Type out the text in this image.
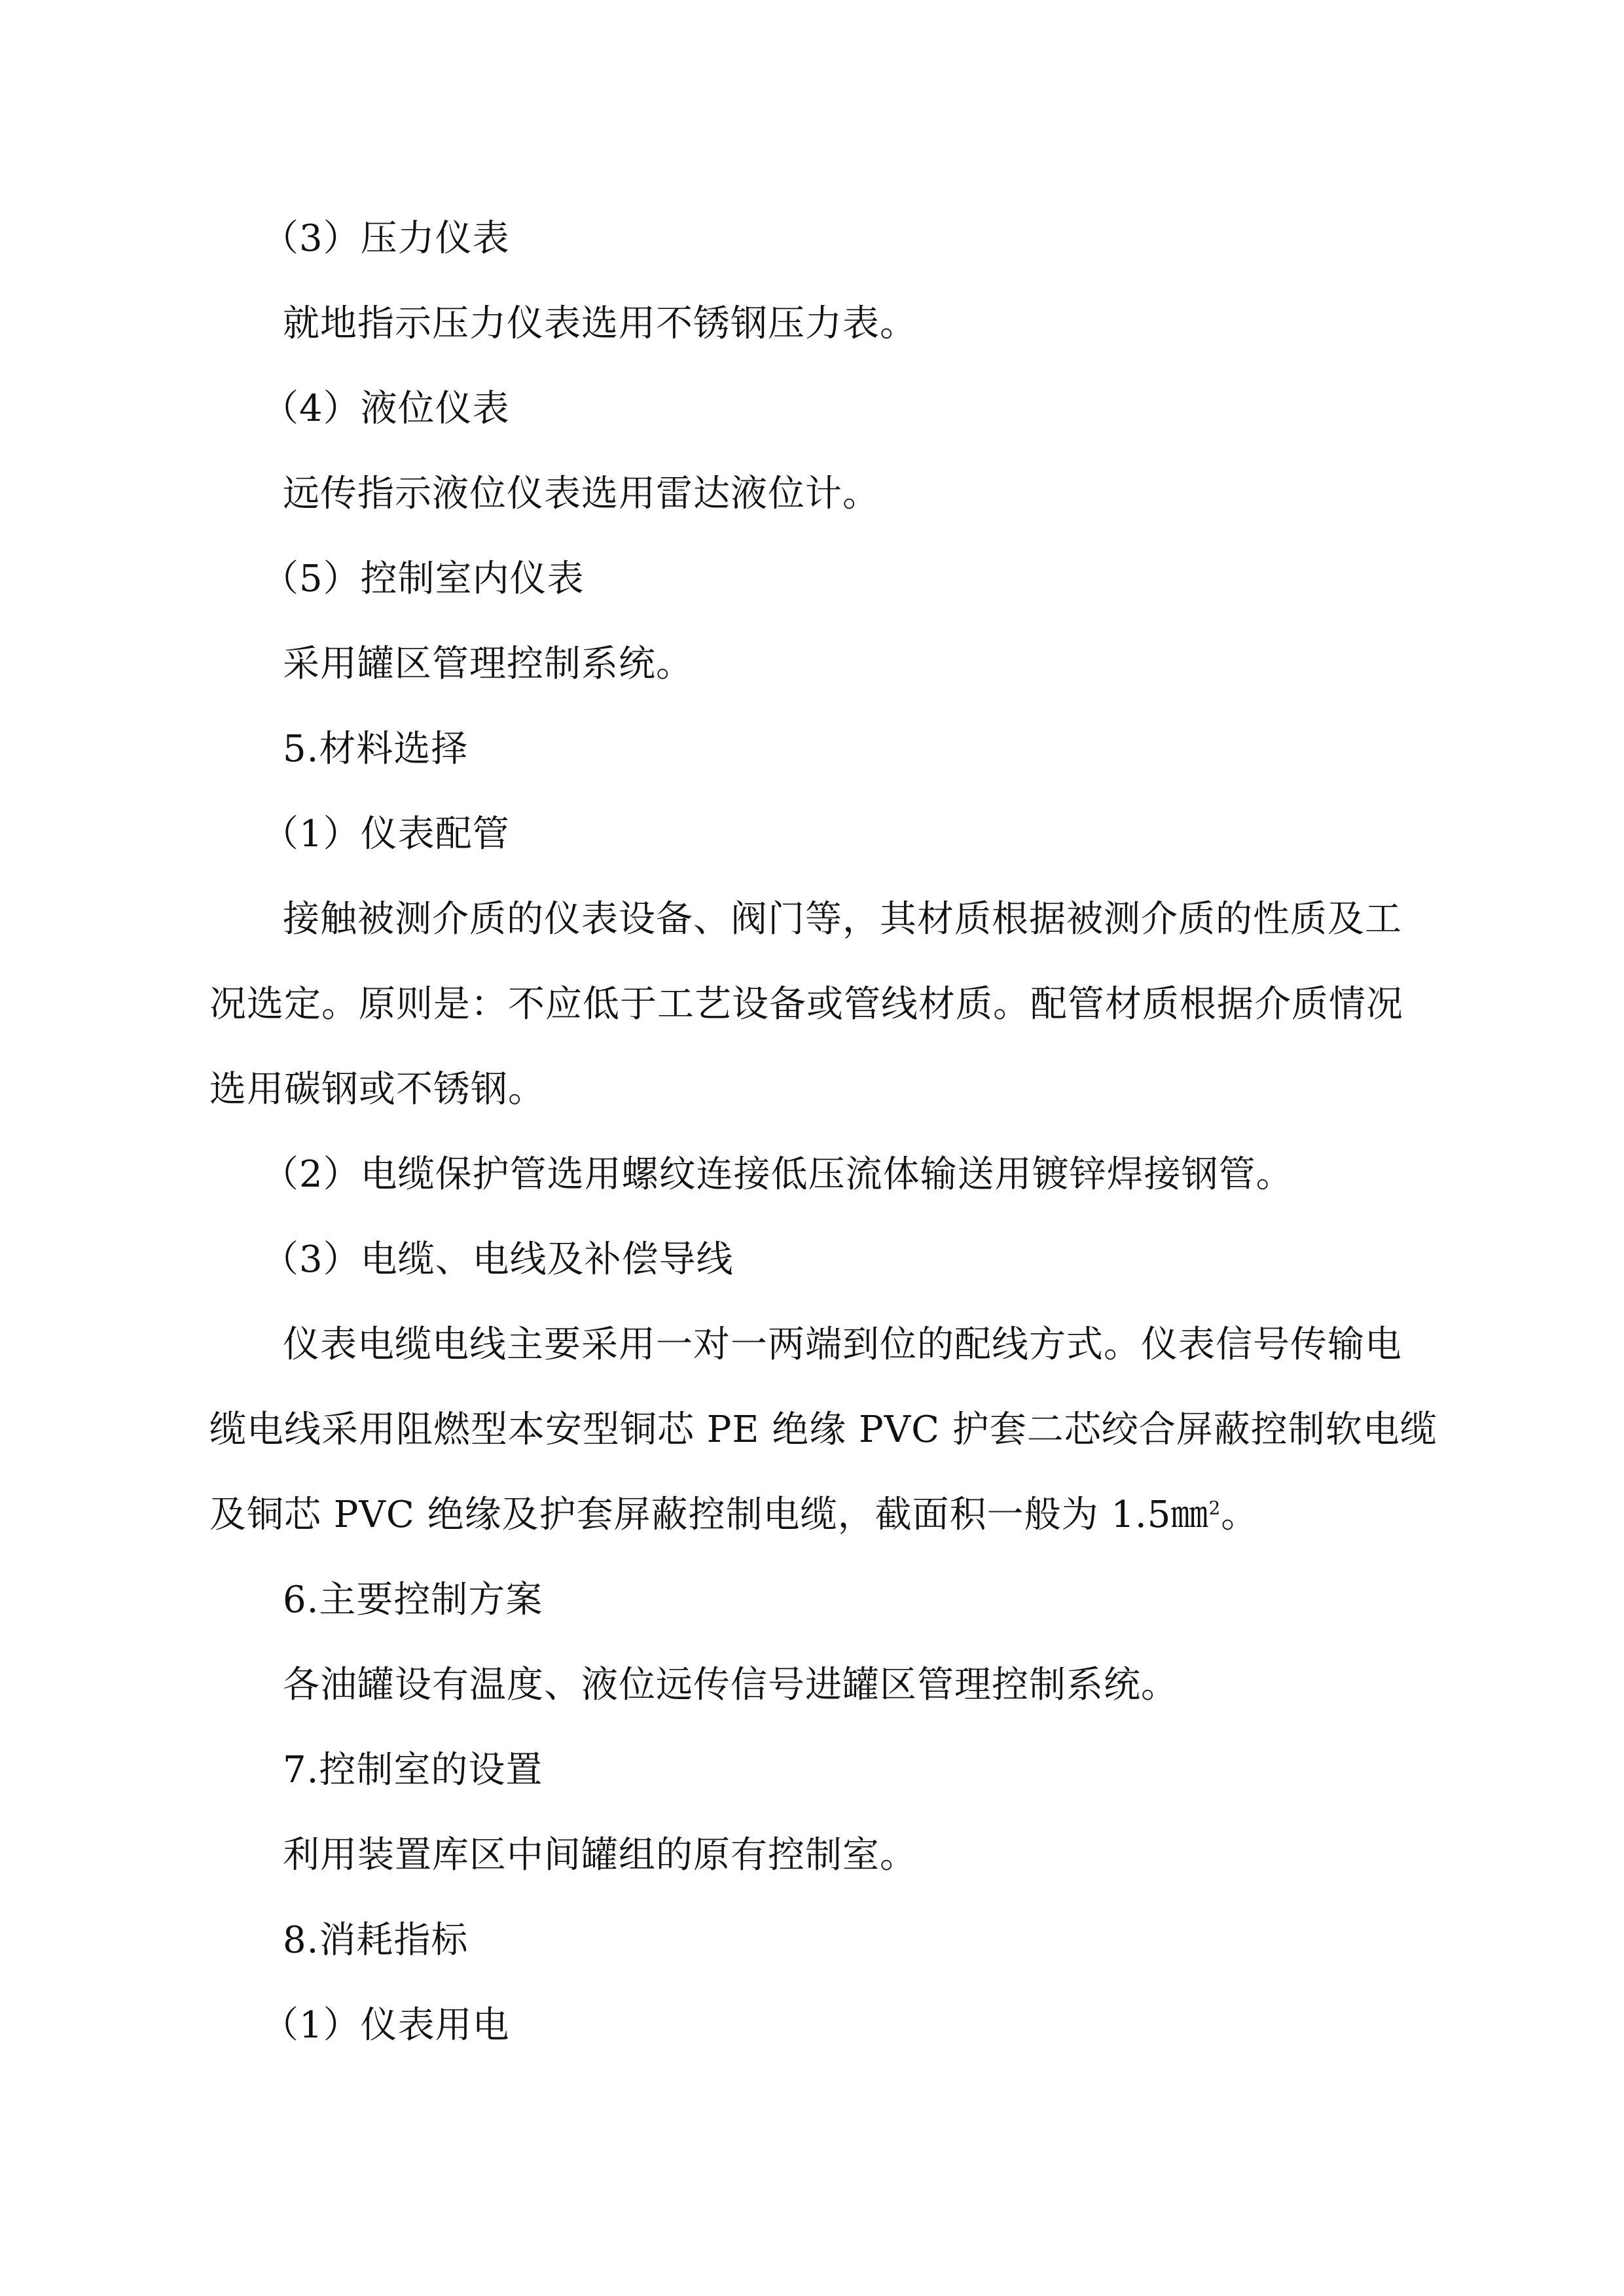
（3）压力仪表
就地指示压力仪表选用不锈钢压力表。
（4）液位仪表
远传指示液位仪表选用雷达液位计。
（5）控制室内仪表
采用罐区管理控制系统。
5.材料选择
（1）仪表配管
接触被测介质的仪表设备、阀门等，其材质根据被测介质的性质及工
况选定。原则是：不应低于工艺设备或管线材质。配管材质根据介质情况
选用碳钢或不锈钢。
（2）电缆保护管选用螺纹连接低压流体输送用镀锌焊接钢管。
（3）电缆、电线及补偿导线
仪表电缆电线主要采用一对一两端到位的配线方式。仪表信号传输电
缆电线采用阻燃型本安型铜芯 PE 绝缘 PVC 护套二芯绞合屏蔽控制软电缆
及铜芯 PVC 绝缘及护套屏蔽控制电缆，截面积一般为 1.5㎜$^2$。
6.主要控制方案
各油罐设有温度、液位远传信号进罐区管理控制系统。
7.控制室的设置
利用装置库区中间罐组的原有控制室。
8.消耗指标
（1）仪表用电
